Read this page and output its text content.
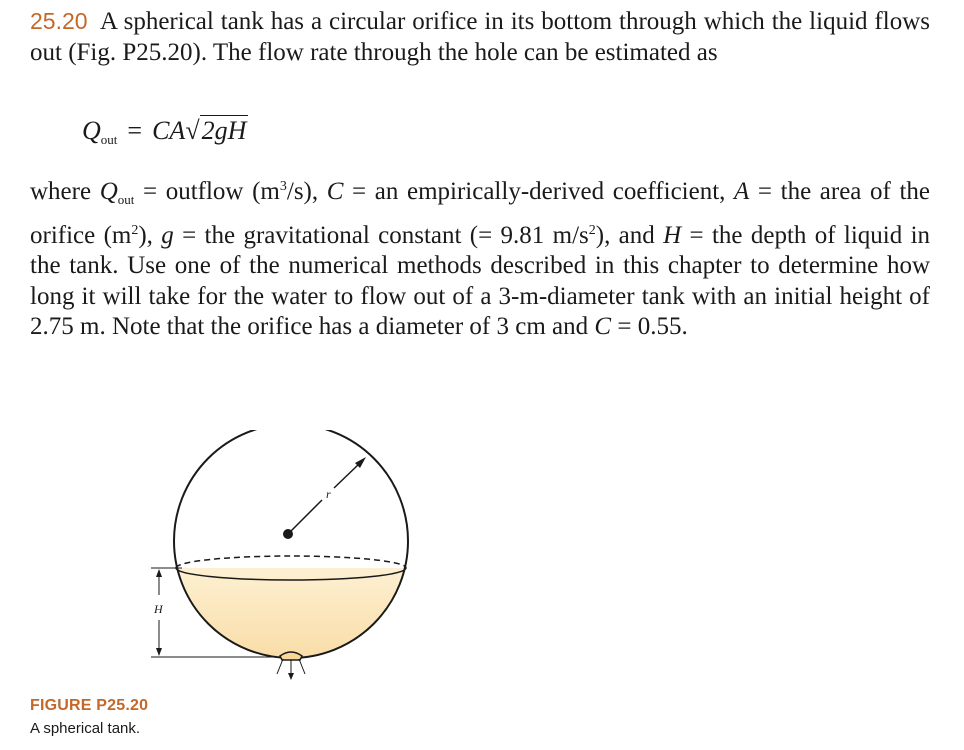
25.20 A spherical tank has a circular orifice in its bottom through which the liquid flows out (Fig. P25.20). The flow rate through the hole can be estimated as

$Q_{out} = CA√2gH$

where $Q_{out}$ = outflow $(m^3/s)$, C = an empirically-derived coefficient, A = the area of the orifice $(m^2)$, g = the gravitational constant (= 9.81 $m/s^2$), and H = the depth of liquid in the tank. Use one of the numerical methods described in this chapter to determine how long it will take for the water to flow out of a 3-m-diameter tank with an initial height of 2.75 m. Note that the orifice has a diameter of 3 cm and C = 0.55.

r
H
FIGURE P25.20
A spherical tank.
